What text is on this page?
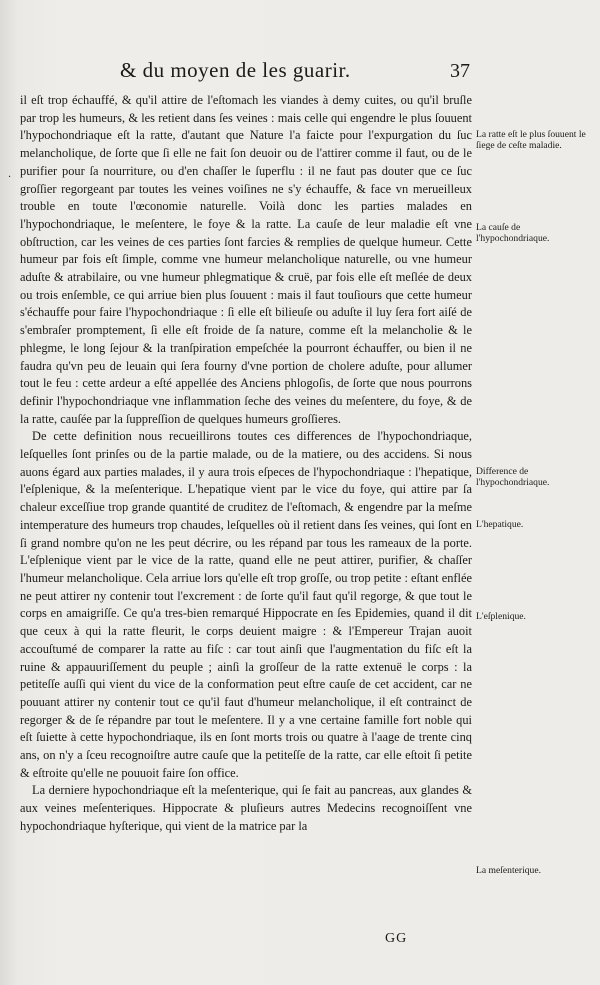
& du moyen de les guarir.	37
·

il eſt trop échauffé, & qu'il attire de l'eſtomach les viandes à demy cuites, ou qu'il bruſle par trop les humeurs, & les retient dans ſes veines : mais celle qui engendre le plus ſouuent l'hypochondriaque eſt la ratte, d'autant que Nature l'a faicte pour l'expurgation du ſuc melancholique, de ſorte que ſi elle ne fait ſon deuoir ou de l'attirer comme il faut, ou de le purifier pour ſa nourriture, ou d'en chaſſer le ſuperflu : il ne faut pas douter que ce ſuc groſſier regorgeant par toutes les veines voiſines ne s'y échauffe, & face vn merueilleux trouble en toute l'œconomie naturelle. Voilà donc les parties malades en l'hypochondriaque, le meſentere, le foye & la ratte. La cauſe de leur maladie eſt vne obſtruction, car les veines de ces parties ſont farcies & remplies de quelque humeur. Cette humeur par fois eſt ſimple, comme vne humeur melancholique naturelle, ou vne humeur aduſte & atrabilaire, ou vne humeur phlegmatique & cruë, par fois elle eſt meſlée de deux ou trois enſemble, ce qui arriue bien plus ſouuent : mais il faut touſiours que cette humeur s'échauffe pour faire l'hypochondriaque : ſi elle eſt bilieuſe ou aduſte il luy ſera fort aiſé de s'embraſer promptement, ſi elle eſt froide de ſa nature, comme eſt la melancholie & le phlegme, le long ſejour & la tranſpiration empeſchée la pourront échauffer, ou bien il ne faudra qu'vn peu de leuain qui ſera fourny d'vne portion de cholere aduſte, pour allumer tout le feu : cette ardeur a eſté appellée des Anciens phlogoſis, de ſorte que nous pourrons definir l'hypochondriaque vne inflammation ſeche des veines du meſentere, du foye, & de la ratte, cauſée par la ſuppreſſion de quelques humeurs groſſieres.

De cette definition nous recueillirons toutes ces differences de l'hypochondriaque, leſquelles ſont prinſes ou de la partie malade, ou de la matiere, ou des accidens. Si nous auons égard aux parties malades, il y aura trois eſpeces de l'hypochondriaque : l'hepatique, l'eſplenique, & la meſenterique. L'hepatique vient par le vice du foye, qui attire par ſa chaleur exceſſiue trop grande quantité de cruditez de l'eſtomach, & engendre par la meſme intemperature des humeurs trop chaudes, leſquelles où il retient dans ſes veines, qui ſont en ſi grand nombre qu'on ne les peut décrire, ou les répand par tous les rameaux de la porte. L'eſplenique vient par le vice de la ratte, quand elle ne peut attirer, purifier, & chaſſer l'humeur melancholique. Cela arriue lors qu'elle eſt trop groſſe, ou trop petite : eſtant enflée ne peut attirer ny contenir tout l'excrement : de ſorte qu'il faut qu'il regorge, & que tout le corps en amaigriſſe. Ce qu'a tres-bien remarqué Hippocrate en ſes Epidemies, quand il dit que ceux à qui la ratte fleurit, le corps deuient maigre : & l'Empereur Trajan auoit accouſtumé de comparer la ratte au fiſc : car tout ainſi que l'augmentation du fiſc eſt la ruine & appauuriſſement du peuple ; ainſi la groſſeur de la ratte extenuë le corps : la petiteſſe auſſi qui vient du vice de la conformation peut eſtre cauſe de cet accident, car ne pouuant attirer ny contenir tout ce qu'il faut d'humeur melancholique, il eſt contrainct de regorger & de ſe répandre par tout le meſentere. Il y a vne certaine famille fort noble qui eſt ſuiette à cette hypochondriaque, ils en ſont morts trois ou quatre à l'aage de trente cinq ans, on n'y a ſceu recognoiſtre autre cauſe que la petiteſſe de la ratte, car elle eſtoit ſi petite & eſtroite qu'elle ne pouuoit faire ſon office.

La derniere hypochondriaque eſt la meſenterique, qui ſe fait au pancreas, aux glandes & aux veines meſenteriques. Hippocrate & pluſieurs autres Medecins recognoiſſent vne hypochondriaque hyſterique, qui vient de la matrice par la

La ratte eſt le plus ſouuent le ſiege de ceſte maladie.
La cauſe de l'hypochondriaque.
Difference de l'hypochondriaque.
L'hepatique.
L'eſplenique.
La meſenterique.
GG
